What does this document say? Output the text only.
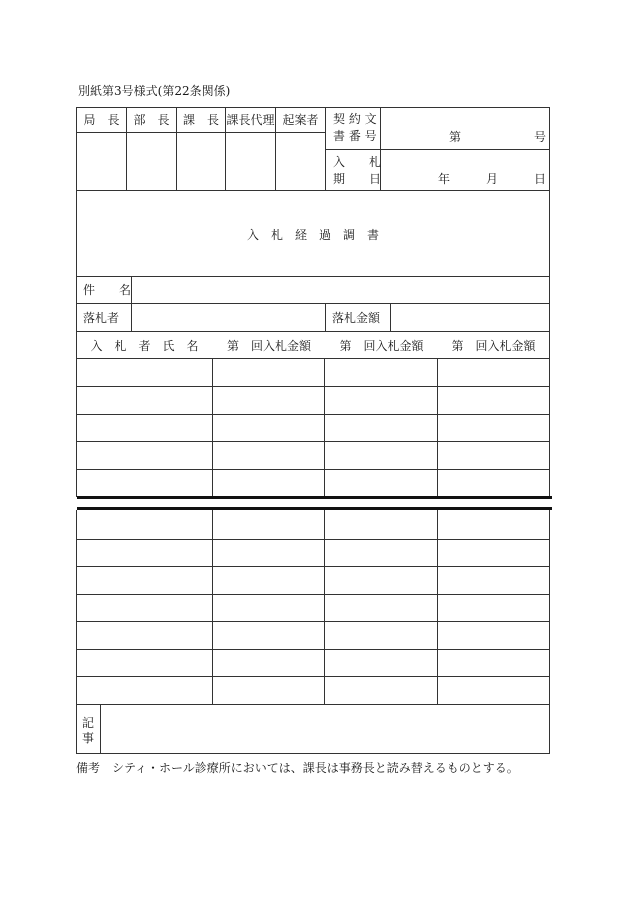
別紙第3号様式(第22条関係)
局　長	部　長	課　長 課長代理 起案者	契 約 文
書 番 号	第	号
入　　札
期　　日	年	月	日
入　札　経　過　調　書
件　　名
落札者	落札金額
入　札　者　氏　名	第　回入札金額	第　回入札金額	第　回入札金額
記
事
備考　シティ・ホール診療所においては、課長は事務長と読み替えるものとする。
